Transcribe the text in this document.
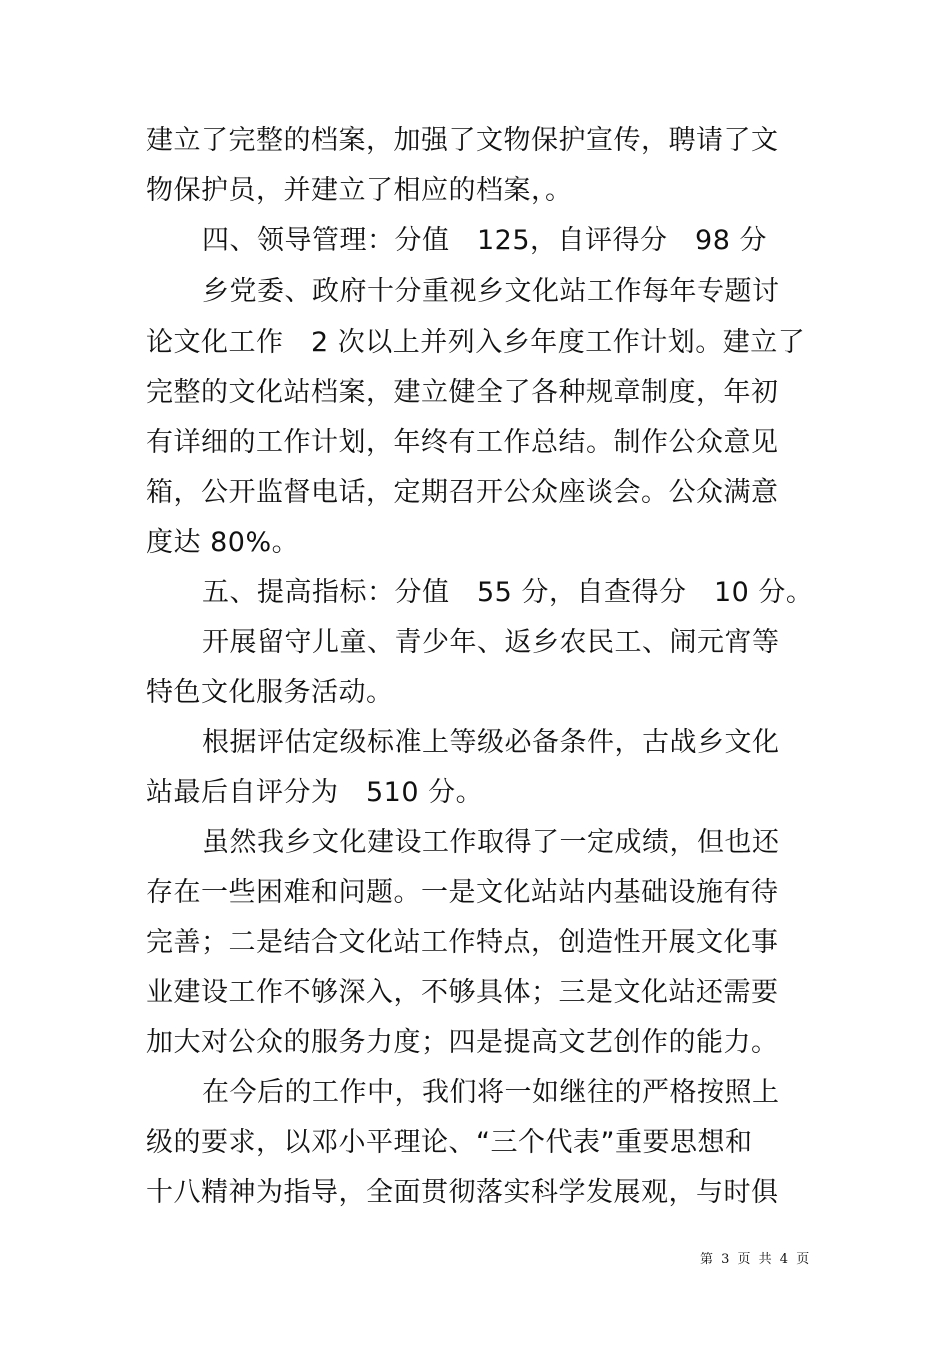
建立了完整的档案，加强了文物保护宣传，聘请了文
物保护员，并建立了相应的档案，。
四、领导管理：分值　125，自评得分　98 分
乡党委、政府十分重视乡文化站工作每年专题讨
论文化工作　2 次以上并列入乡年度工作计划。建立了
完整的文化站档案，建立健全了各种规章制度，年初
有详细的工作计划，年终有工作总结。制作公众意见
箱，公开监督电话，定期召开公众座谈会。公众满意
度达 80%。
五、提高指标：分值　55 分，自查得分　10 分。
开展留守儿童、青少年、返乡农民工、闹元宵等
特色文化服务活动。
根据评估定级标准上等级必备条件，古战乡文化
站最后自评分为　510 分。
虽然我乡文化建设工作取得了一定成绩，但也还
存在一些困难和问题。一是文化站站内基础设施有待
完善；二是结合文化站工作特点，创造性开展文化事
业建设工作不够深入，不够具体；三是文化站还需要
加大对公众的服务力度；四是提高文艺创作的能力。
在今后的工作中，我们将一如继往的严格按照上
级的要求，以邓小平理论、“三个代表”重要思想和
十八精神为指导，全面贯彻落实科学发展观，与时俱
第 3 页 共 4 页
